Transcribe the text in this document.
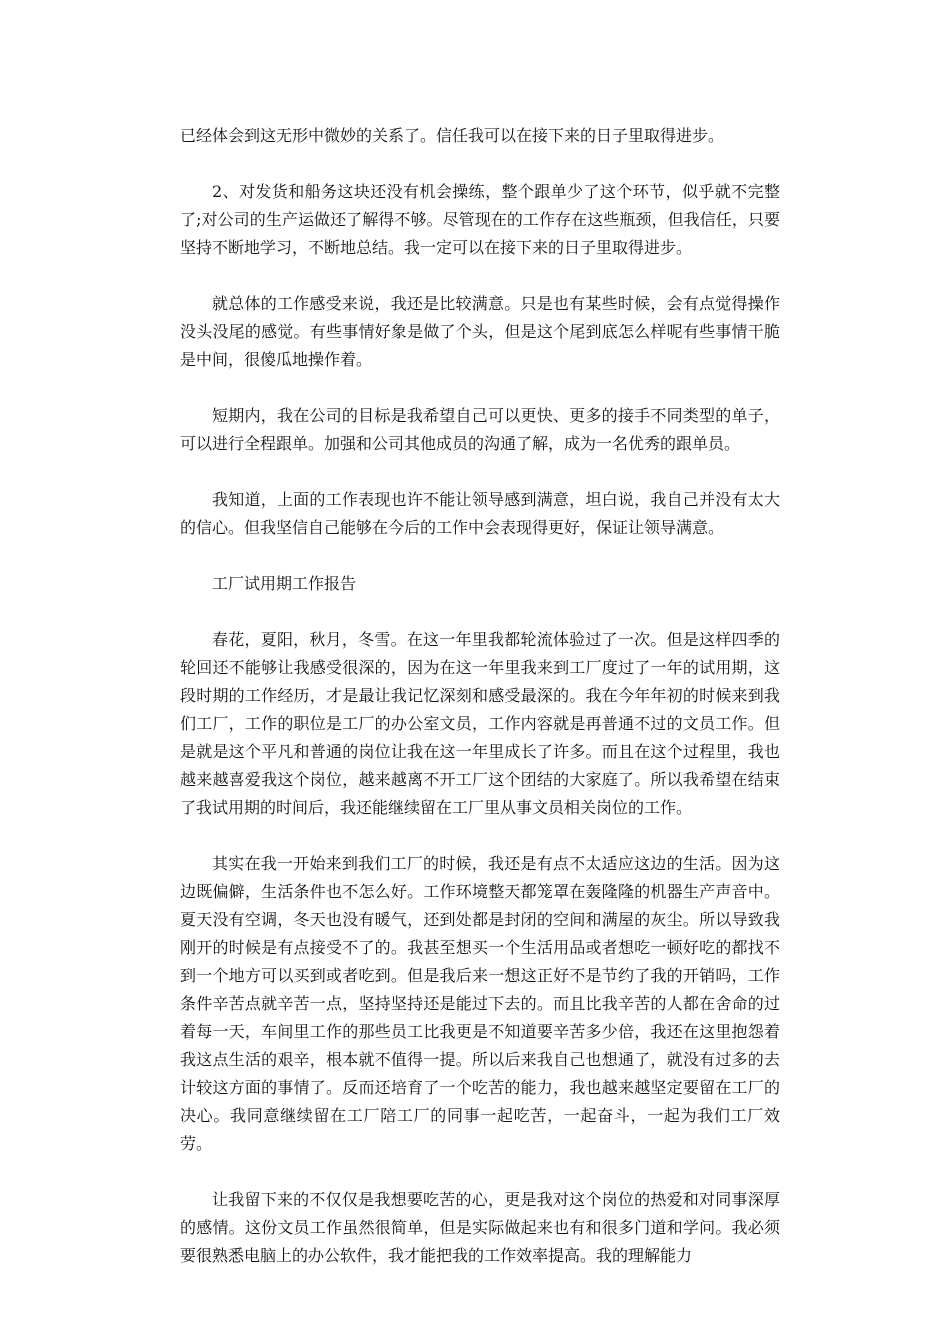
已经体会到这无形中微妙的关系了。信任我可以在接下来的日子里取得进步。

2、对发货和船务这块还没有机会操练，整个跟单少了这个环节，似乎就不完整了;对公司的生产运做还了解得不够。尽管现在的工作存在这些瓶颈，但我信任，只要坚持不断地学习，不断地总结。我一定可以在接下来的日子里取得进步。

就总体的工作感受来说，我还是比较满意。只是也有某些时候，会有点觉得操作没头没尾的感觉。有些事情好象是做了个头，但是这个尾到底怎么样呢有些事情干脆是中间，很傻瓜地操作着。

短期内，我在公司的目标是我希望自己可以更快、更多的接手不同类型的单子，可以进行全程跟单。加强和公司其他成员的沟通了解，成为一名优秀的跟单员。

我知道，上面的工作表现也许不能让领导感到满意，坦白说，我自己并没有太大的信心。但我坚信自己能够在今后的工作中会表现得更好，保证让领导满意。

工厂试用期工作报告

春花，夏阳，秋月，冬雪。在这一年里我都轮流体验过了一次。但是这样四季的轮回还不能够让我感受很深的，因为在这一年里我来到工厂度过了一年的试用期，这段时期的工作经历，才是最让我记忆深刻和感受最深的。我在今年年初的时候来到我们工厂，工作的职位是工厂的办公室文员，工作内容就是再普通不过的文员工作。但是就是这个平凡和普通的岗位让我在这一年里成长了许多。而且在这个过程里，我也越来越喜爱我这个岗位，越来越离不开工厂这个团结的大家庭了。所以我希望在结束了我试用期的时间后，我还能继续留在工厂里从事文员相关岗位的工作。

其实在我一开始来到我们工厂的时候，我还是有点不太适应这边的生活。因为这边既偏僻，生活条件也不怎么好。工作环境整天都笼罩在轰隆隆的机器生产声音中。夏天没有空调，冬天也没有暖气，还到处都是封闭的空间和满屋的灰尘。所以导致我刚开的时候是有点接受不了的。我甚至想买一个生活用品或者想吃一顿好吃的都找不到一个地方可以买到或者吃到。但是我后来一想这正好不是节约了我的开销吗，工作条件辛苦点就辛苦一点，坚持坚持还是能过下去的。而且比我辛苦的人都在舍命的过着每一天，车间里工作的那些员工比我更是不知道要辛苦多少倍，我还在这里抱怨着我这点生活的艰辛，根本就不值得一提。所以后来我自己也想通了，就没有过多的去计较这方面的事情了。反而还培育了一个吃苦的能力，我也越来越坚定要留在工厂的决心。我同意继续留在工厂陪工厂的同事一起吃苦，一起奋斗，一起为我们工厂效劳。

让我留下来的不仅仅是我想要吃苦的心，更是我对这个岗位的热爱和对同事深厚的感情。这份文员工作虽然很简单，但是实际做起来也有和很多门道和学问。我必须要很熟悉电脑上的办公软件，我才能把我的工作效率提高。我的理解能力
